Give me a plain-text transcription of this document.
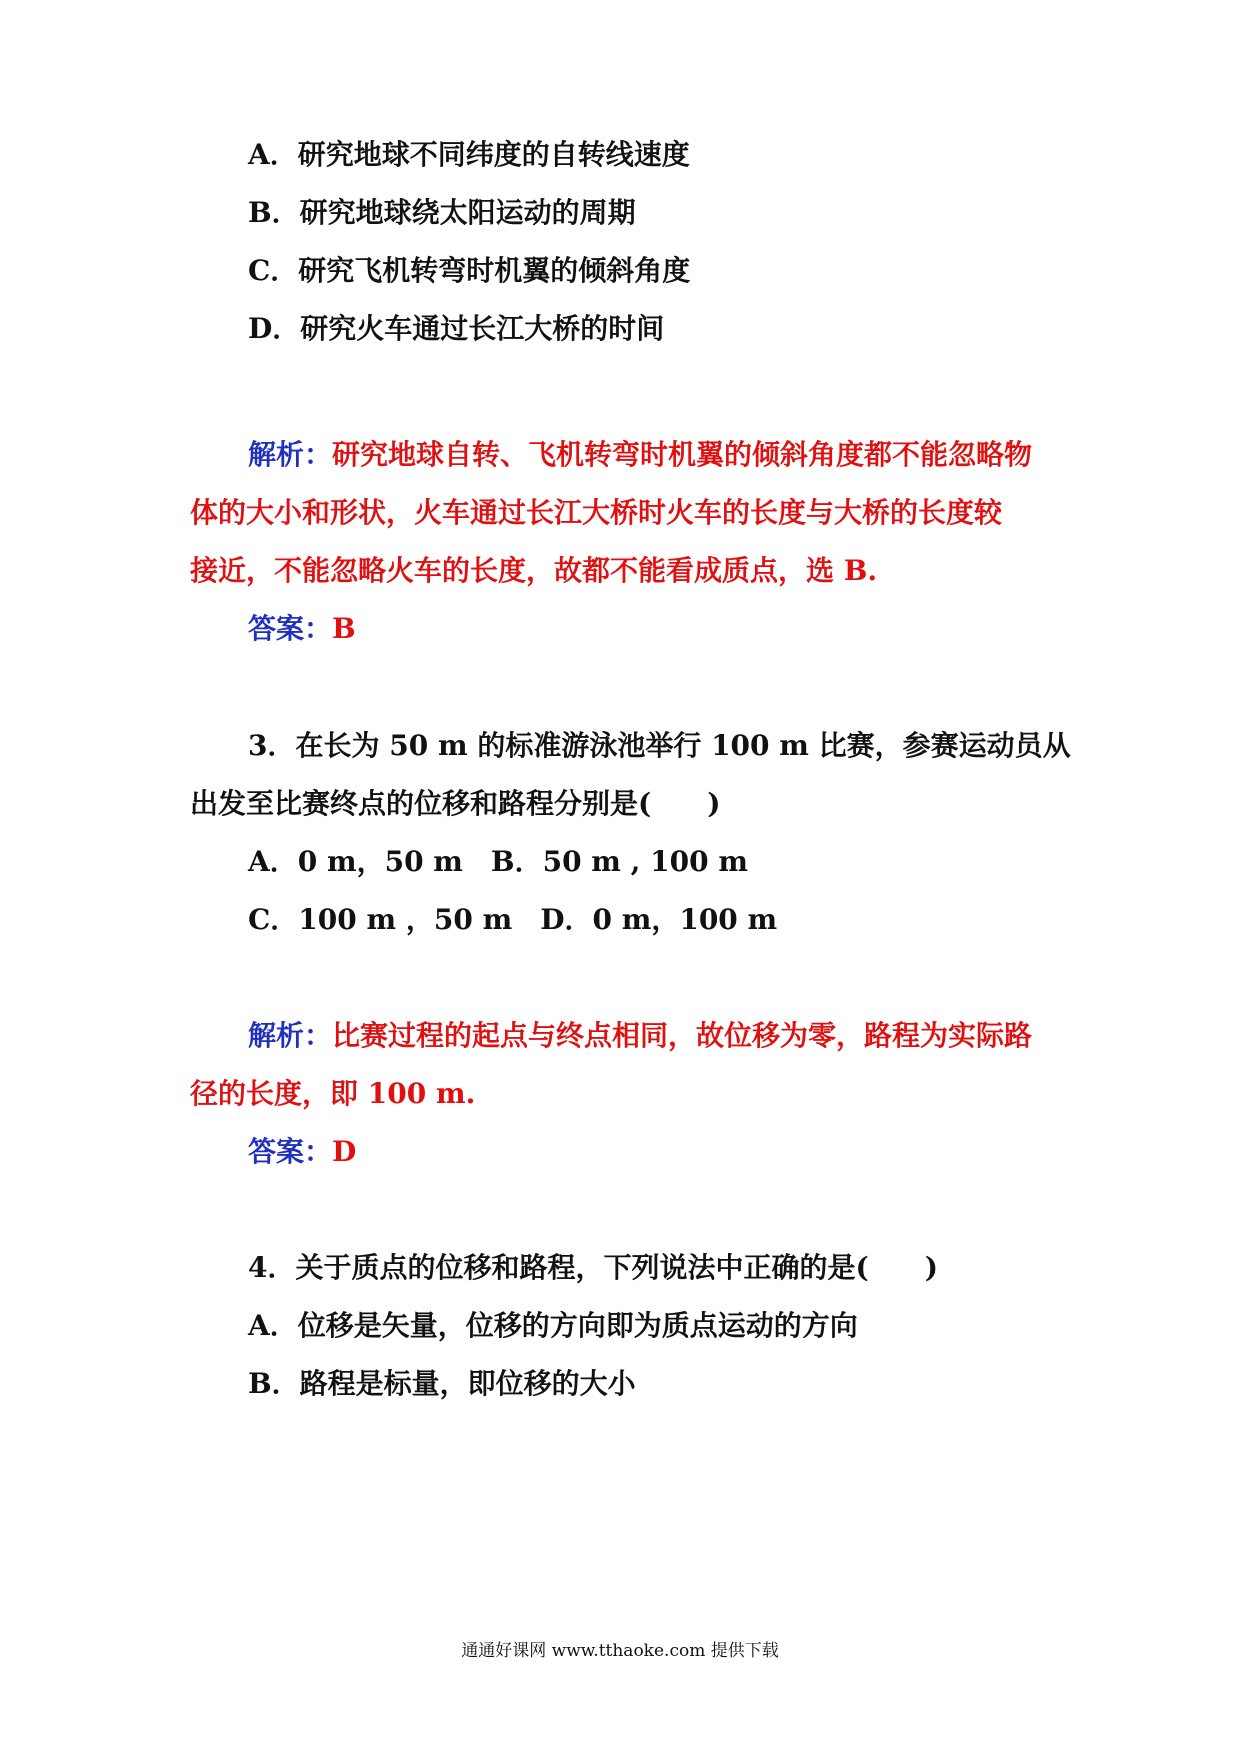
A．研究地球不同纬度的自转线速度
B．研究地球绕太阳运动的周期
C．研究飞机转弯时机翼的倾斜角度
D．研究火车通过长江大桥的时间
解析：研究地球自转、飞机转弯时机翼的倾斜角度都不能忽略物
体的大小和形状，火车通过长江大桥时火车的长度与大桥的长度较
接近，不能忽略火车的长度，故都不能看成质点，选 B.
答案：B
3．在长为 50 m 的标准游泳池举行 100 m 比赛，参赛运动员从
出发至比赛终点的位移和路程分别是(　　)
A．0 m，50 m　B．50 m , 100 m
C．100 m ，50 m　D．0 m，100 m
解析：比赛过程的起点与终点相同，故位移为零，路程为实际路
径的长度，即 100 m.
答案：D
4．关于质点的位移和路程，下列说法中正确的是(　　)
A．位移是矢量，位移的方向即为质点运动的方向
B．路程是标量，即位移的大小
通通好课网 www.tthaoke.com 提供下载
